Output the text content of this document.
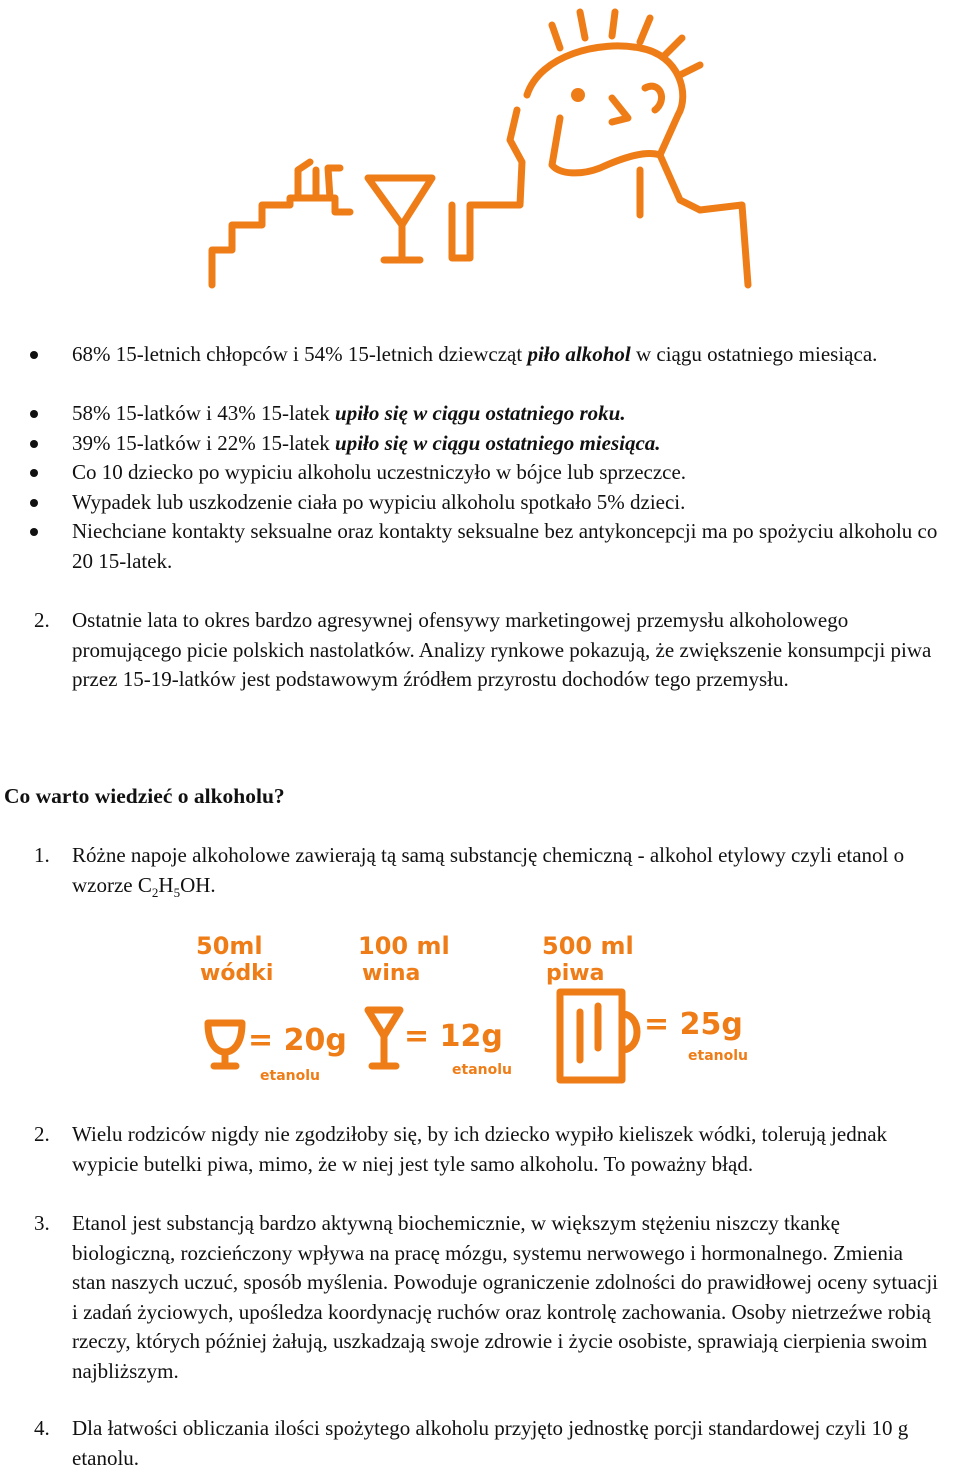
68% 15-letnich chłopców i 54% 15-letnich dziewcząt piło alkohol w ciągu ostatniego miesiąca.
58% 15-latków i 43% 15-latek upiło się w ciągu ostatniego roku.
39% 15-latków i 22% 15-latek upiło się w ciągu ostatniego miesiąca.
Co 10 dziecko po wypiciu alkoholu uczestniczyło w bójce lub sprzeczce.
Wypadek lub uszkodzenie ciała po wypiciu alkoholu spotkało 5% dzieci.
Niechciane kontakty seksualne oraz kontakty seksualne bez antykoncepcji ma po spożyciu alkoholu co 20 15-latek.
2. Ostatnie lata to okres bardzo agresywnej ofensywy marketingowej przemysłu alkoholowego promującego picie polskich nastolatków. Analizy rynkowe pokazują, że zwiększenie konsumpcji piwa przez 15-19-latków jest podstawowym źródłem przyrostu dochodów tego przemysłu.
Co warto wiedzieć o alkoholu?
1. Różne napoje alkoholowe zawierają tą samą substancję chemiczną - alkohol etylowy czyli etanol o wzorze $C_2H_5OH$.
50ml
wódki
= 20g
etanolu
100 ml
wina
= 12g
etanolu
500 ml
piwa
= 25g
etanolu
2. Wielu rodziców nigdy nie zgodziłoby się, by ich dziecko wypiło kieliszek wódki, tolerują jednak wypicie butelki piwa, mimo, że w niej jest tyle samo alkoholu. To poważny błąd.
3. Etanol jest substancją bardzo aktywną biochemicznie, w większym stężeniu niszczy tkankę biologiczną, rozcieńczony wpływa na pracę mózgu, systemu nerwowego i hormonalnego. Zmienia stan naszych uczuć, sposób myślenia. Powoduje ograniczenie zdolności do prawidłowej oceny sytuacji i zadań życiowych, upośledza koordynację ruchów oraz kontrolę zachowania. Osoby nietrzeźwe robią rzeczy, których później żałują, uszkadzają swoje zdrowie i życie osobiste, sprawiają cierpienia swoim najbliższym.
4. Dla łatwości obliczania ilości spożytego alkoholu przyjęto jednostkę porcji standardowej czyli 10 g etanolu.
